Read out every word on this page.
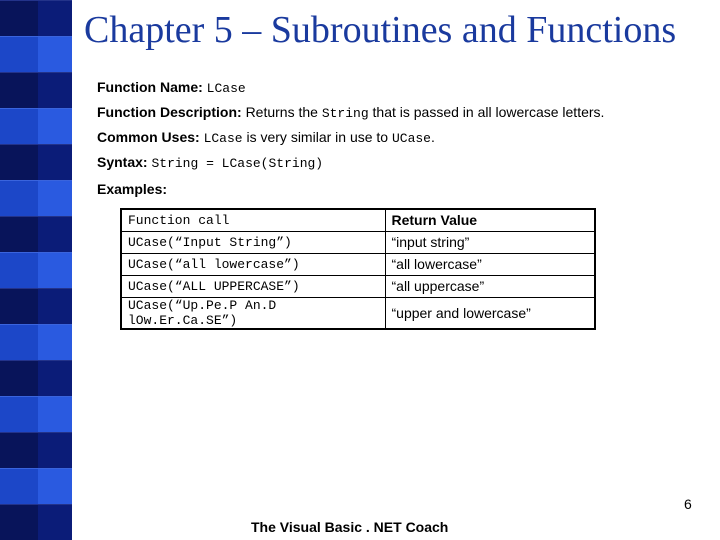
Chapter 5 – Subroutines and Functions
Function Name: LCase
Function Description: Returns the String that is passed in all lowercase letters.
Common Uses: LCase is very similar in use to UCase.
Syntax: String = LCase(String)
Examples:
Function call	Return Value
UCase(“Input String”)	“input string”
UCase(“all lowercase”)	“all lowercase”
UCase(“ALL UPPERCASE”)	“all uppercase”
UCase(“Up.Pe.P An.D lOw.Er.Ca.SE”)	“upper and lowercase”
6
The Visual Basic . NET Coach
